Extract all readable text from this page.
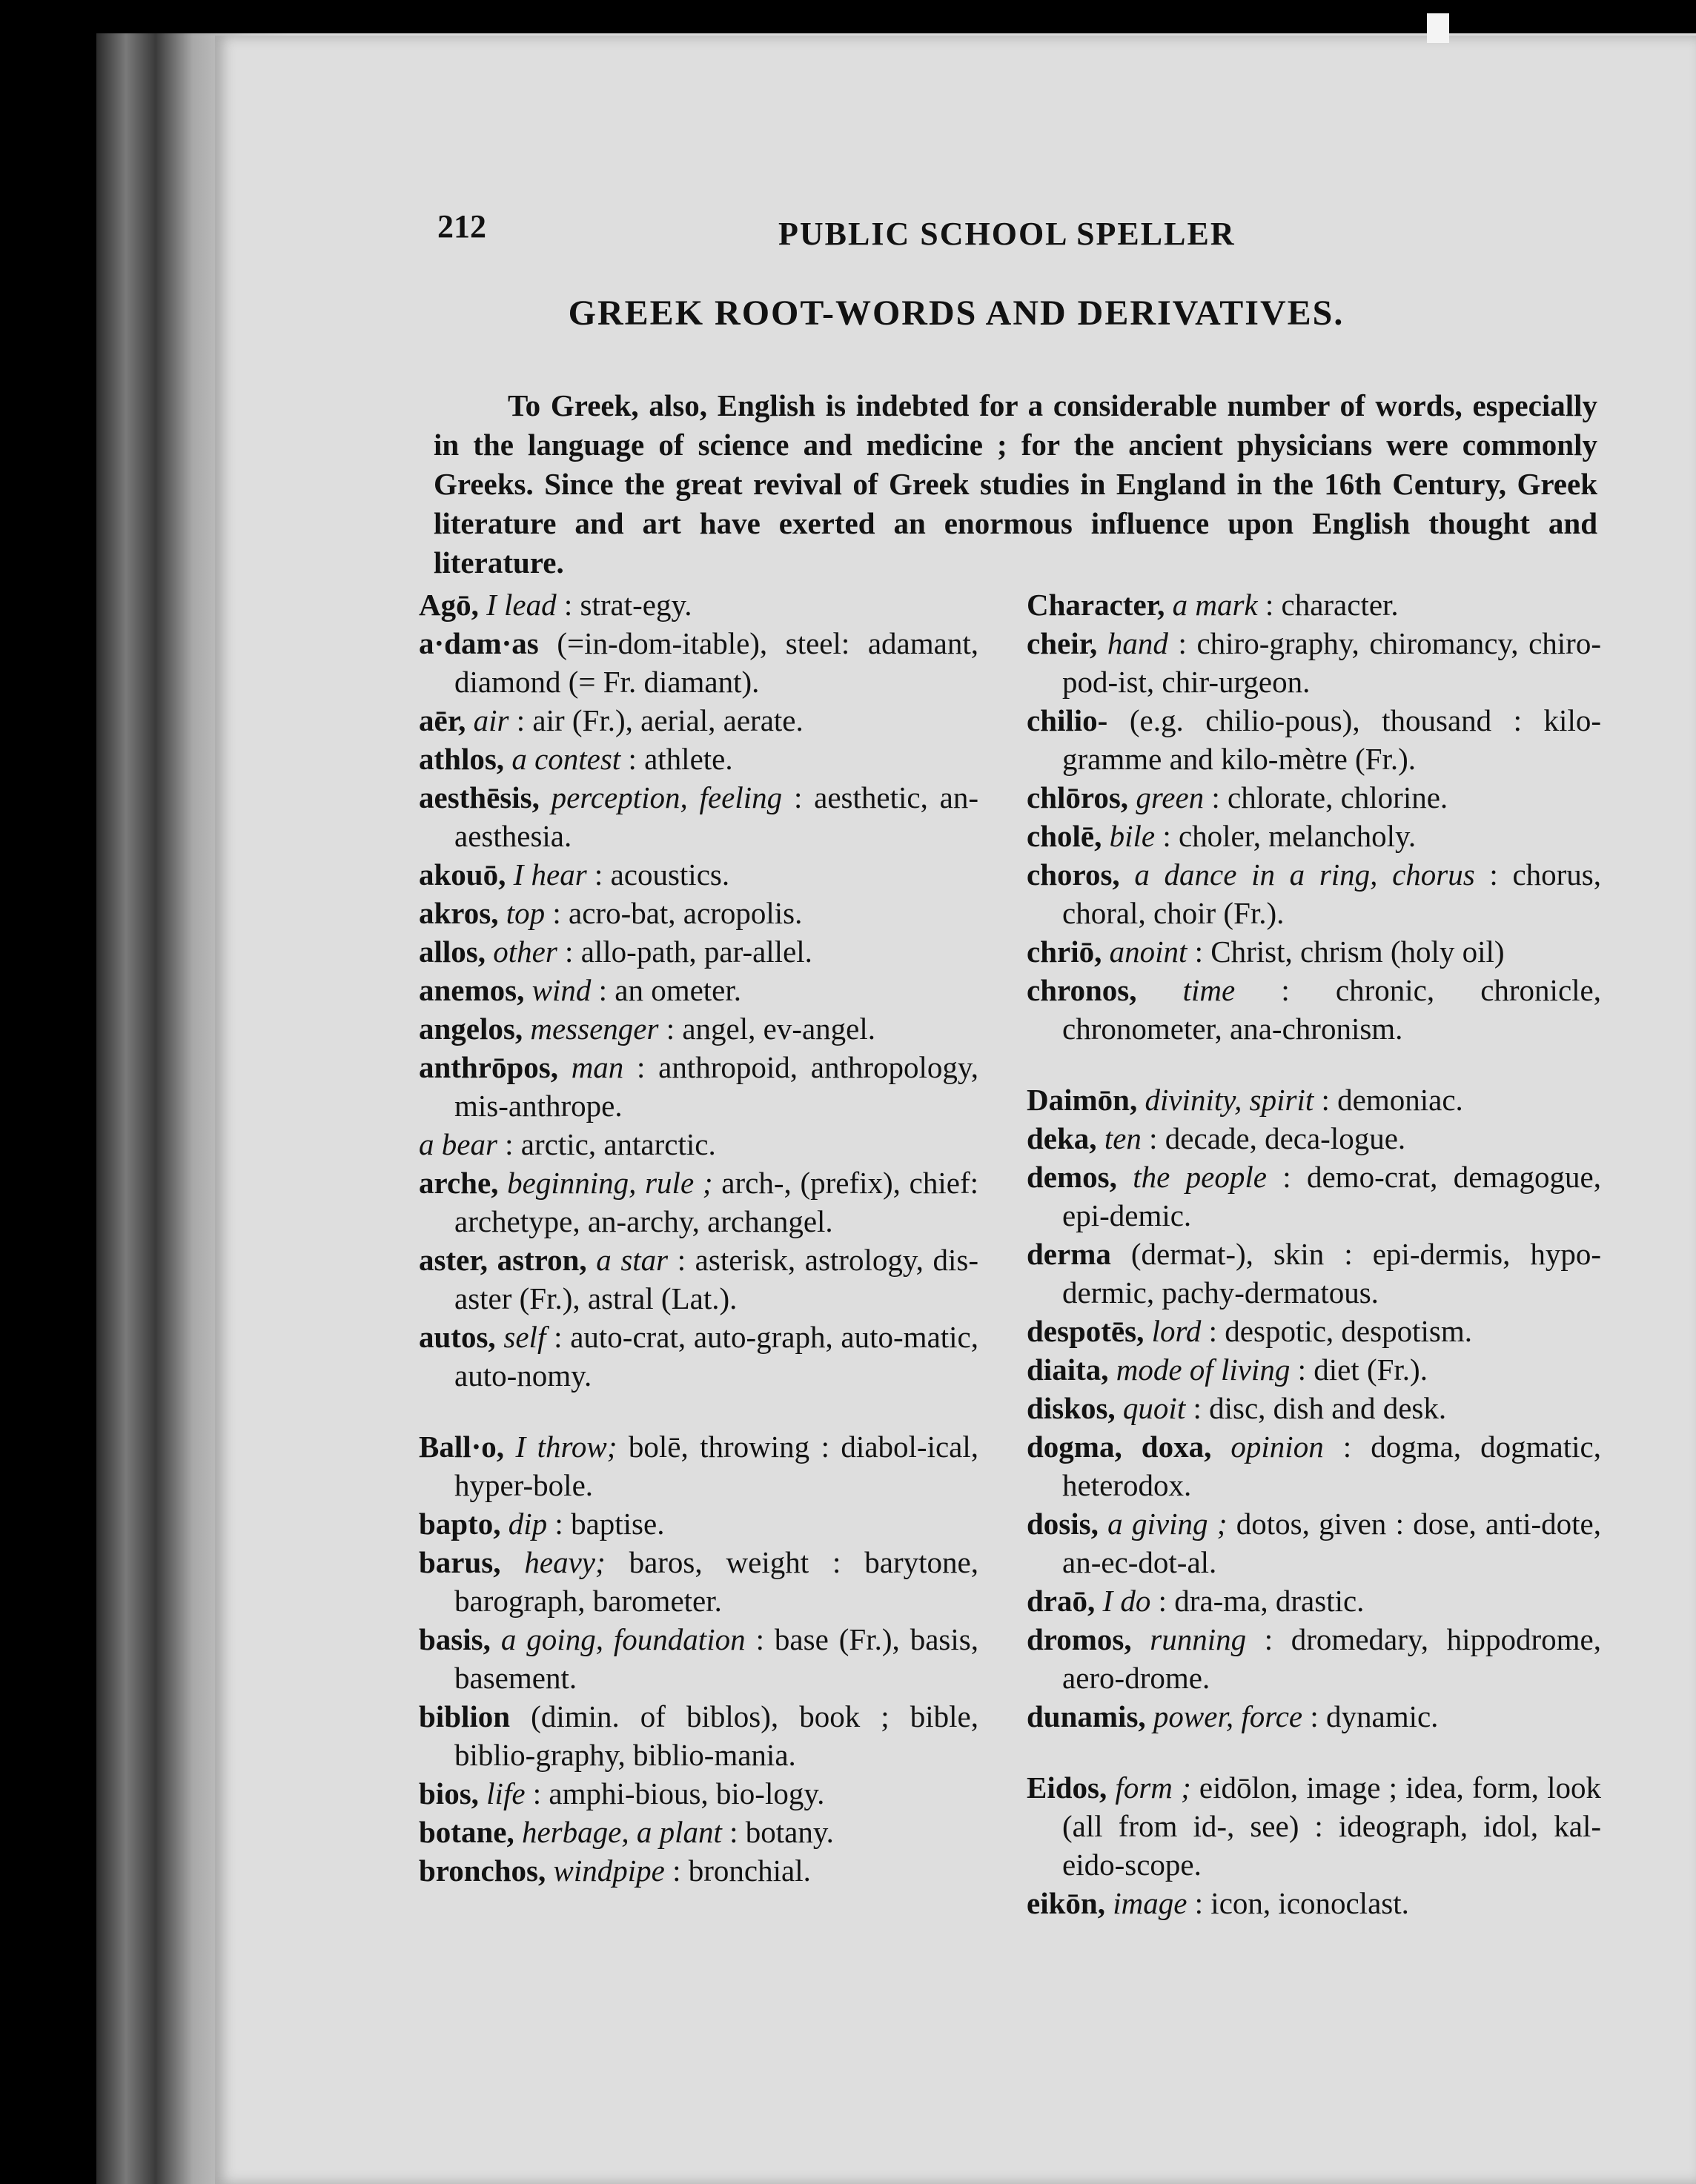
212	PUBLIC SCHOOL SPELLER
GREEK ROOT-WORDS AND DERIVATIVES.

To Greek, also, English is indebted for a considerable number of words, especially in the language of science and medicine ; for the ancient physicians were commonly Greeks. Since the great revival of Greek studies in England in the 16th Century, Greek literature and art have exerted an enormous influence upon English thought and literature.

Agō, I lead : strat-egy.

a·dam·as (=in-dom-itable), steel: adamant, diamond (= Fr. diamant).

aēr, air : air (Fr.), aerial, aerate.

athlos, a contest : athlete.

aesthēsis, perception, feeling : aesthetic, an-aesthesia.

akouō, I hear : acoustics.

akros, top : acro-bat, acropolis.

allos, other : allo-path, par-allel.

anemos, wind : an ometer.

angelos, messenger : angel, ev-angel.

anthrōpos, man : anthropoid, anthropology, mis-anthrope.

a bear : arctic, antarctic.

arche, beginning, rule ; arch-, (prefix), chief: archetype, an-archy, archangel.

aster, astron, a star : asterisk, astrology, dis-aster (Fr.), astral (Lat.).

autos, self : auto-crat, auto-graph, auto-matic, auto-nomy.

Ball·o, I throw; bolē, throwing : diabol-ical, hyper-bole.

bapto, dip : baptise.

barus, heavy; baros, weight : barytone, barograph, barometer.

basis, a going, foundation : base (Fr.), basis, basement.

biblion (dimin. of biblos), book ; bible, biblio-graphy, biblio-mania.

bios, life : amphi-bious, bio-logy.

botane, herbage, a plant : botany.

bronchos, windpipe : bronchial.

Character, a mark : character.

cheir, hand : chiro-graphy, chiromancy, chiro-pod-ist, chir-urgeon.

chilio- (e.g. chilio-pous), thousand : kilo-gramme and kilo-mètre (Fr.).

chlōros, green : chlorate, chlorine.

cholē, bile : choler, melancholy.

choros, a dance in a ring, chorus : chorus, choral, choir (Fr.).

chriō, anoint : Christ, chrism (holy oil)

chronos, time : chronic, chronicle, chronometer, ana-chronism.

Daimōn, divinity, spirit : demoniac.

deka, ten : decade, deca-logue.

demos, the people : demo-crat, demagogue, epi-demic.

derma (dermat-), skin : epi-dermis, hypo-dermic, pachy-dermatous.

despotēs, lord : despotic, despotism.

diaita, mode of living : diet (Fr.).

diskos, quoit : disc, dish and desk.

dogma, doxa, opinion : dogma, dogmatic, heterodox.

dosis, a giving ; dotos, given : dose, anti-dote, an-ec-dot-al.

draō, I do : dra-ma, drastic.

dromos, running : dromedary, hippodrome, aero-drome.

dunamis, power, force : dynamic.

Eidos, form ; eidōlon, image ; idea, form, look (all from id-, see) : ideograph, idol, kal-eido-scope.

eikōn, image : icon, iconoclast.
